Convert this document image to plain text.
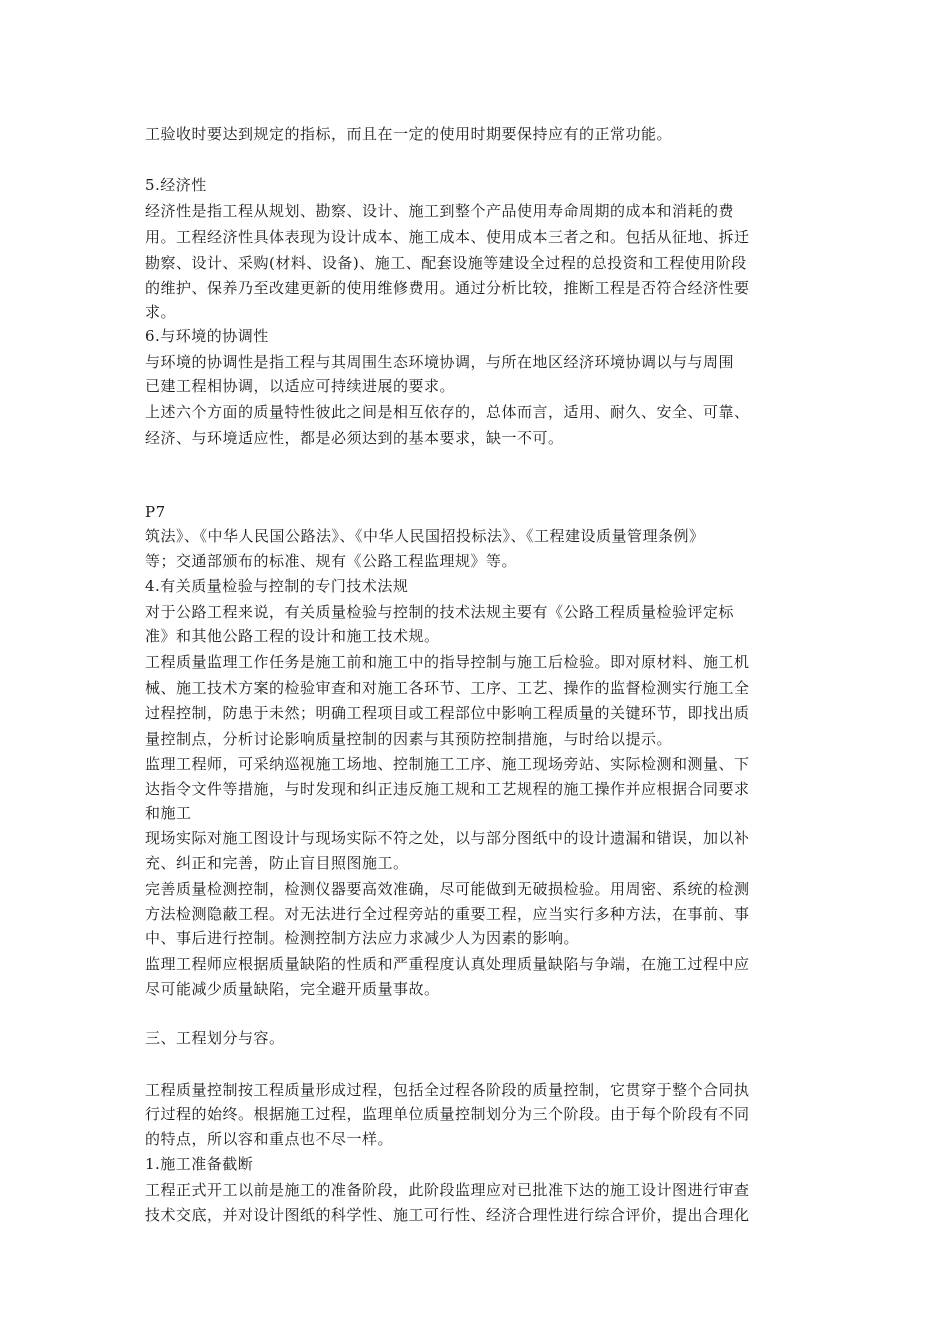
工验收时要达到规定的指标，而且在一定的使用时期要保持应有的正常功能。
5.经济性
经济性是指工程从规划、勘察、设计、施工到整个产品使用寿命周期的成本和消耗的费
用。工程经济性具体表现为设计成本、施工成本、使用成本三者之和。包括从征地、拆迁
勘察、设计、采购(材料、设备)、施工、配套设施等建设全过程的总投资和工程使用阶段
的维护、保养乃至改建更新的使用维修费用。通过分析比较，推断工程是否符合经济性要
求。
6.与环境的协调性
与环境的协调性是指工程与其周围生态环境协调，与所在地区经济环境协调以与与周围
已建工程相协调，以适应可持续进展的要求。
上述六个方面的质量特性彼此之间是相互依存的，总体而言，适用、耐久、安全、可靠、
经济、与环境适应性，都是必须达到的基本要求，缺一不可。
P7
筑法》、《中华人民国公路法》、《中华人民国招投标法》、《工程建设质量管理条例》
等；交通部颁布的标准、规有《公路工程监理规》等。
4.有关质量检验与控制的专门技术法规
对于公路工程来说，有关质量检验与控制的技术法规主要有《公路工程质量检验评定标
准》和其他公路工程的设计和施工技术规。
工程质量监理工作任务是施工前和施工中的指导控制与施工后检验。即对原材料、施工机
械、施工技术方案的检验审查和对施工各环节、工序、工艺、操作的监督检测实行施工全
过程控制，防患于未然；明确工程项目或工程部位中影响工程质量的关键环节，即找出质
量控制点，分析讨论影响质量控制的因素与其预防控制措施，与时给以提示。
监理工程师，可采纳巡视施工场地、控制施工工序、施工现场旁站、实际检测和测量、下
达指令文件等措施，与时发现和纠正违反施工规和工艺规程的施工操作并应根据合同要求
和施工
现场实际对施工图设计与现场实际不符之处，以与部分图纸中的设计遗漏和错误，加以补
充、纠正和完善，防止盲目照图施工。
完善质量检测控制，检测仪器要高效准确，尽可能做到无破损检验。用周密、系统的检测
方法检测隐蔽工程。对无法进行全过程旁站的重要工程，应当实行多种方法，在事前、事
中、事后进行控制。检测控制方法应力求减少人为因素的影响。
监理工程师应根据质量缺陷的性质和严重程度认真处理质量缺陷与争端，在施工过程中应
尽可能减少质量缺陷，完全避开质量事故。
三、工程划分与容。
工程质量控制按工程质量形成过程，包括全过程各阶段的质量控制，它贯穿于整个合同执
行过程的始终。根据施工过程，监理单位质量控制划分为三个阶段。由于每个阶段有不同
的特点，所以容和重点也不尽一样。
1.施工准备截断
工程正式开工以前是施工的准备阶段，此阶段监理应对已批准下达的施工设计图进行审查
技术交底，并对设计图纸的科学性、施工可行性、经济合理性进行综合评价，提出合理化
